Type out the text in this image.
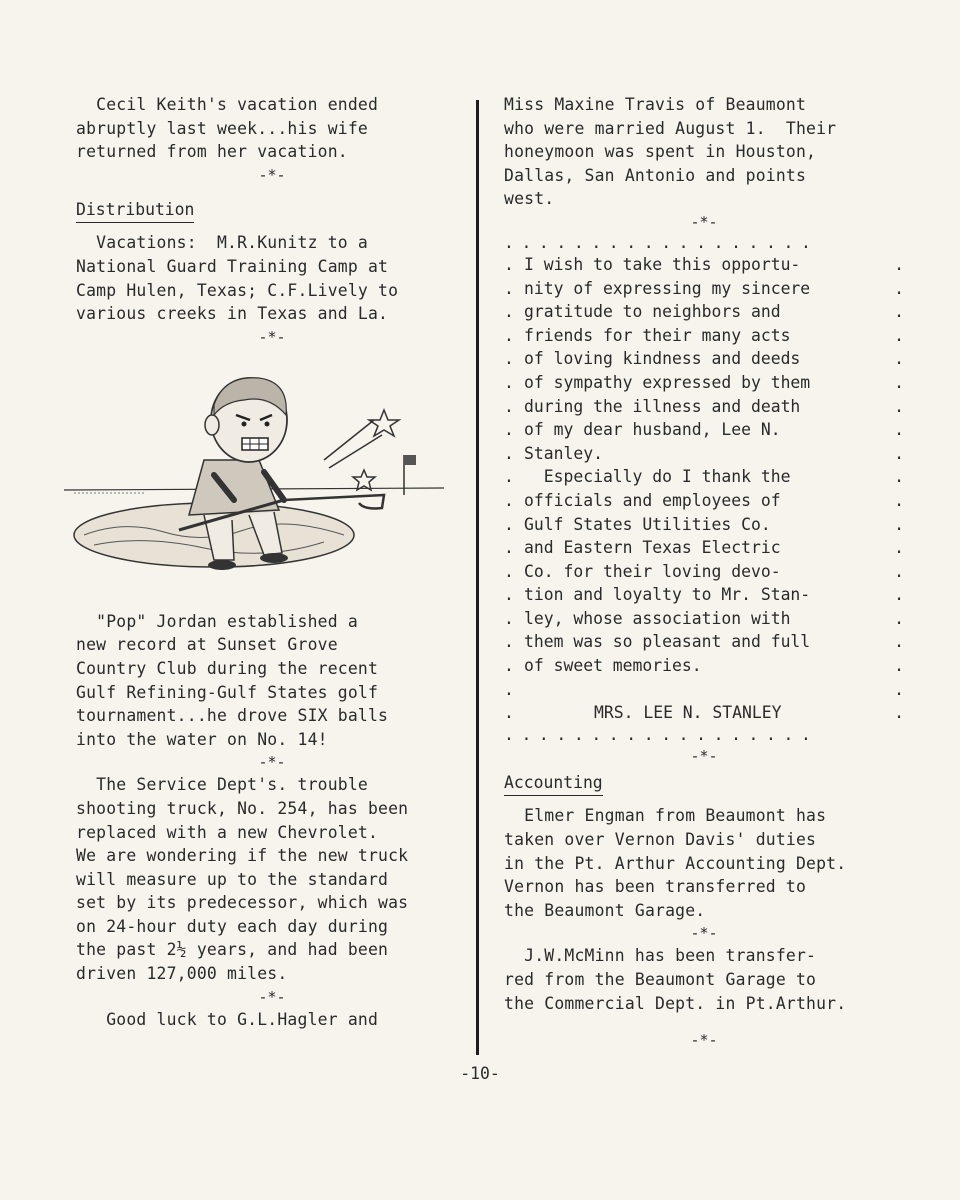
Cecil Keith's vacation ended
abruptly last week...his wife
returned from her vacation.
-*-
Distribution
Vacations:  M.R.Kunitz to a
National Guard Training Camp at
Camp Hulen, Texas; C.F.Lively to
various creeks in Texas and La.
-*-
"Pop" Jordan established a
new record at Sunset Grove
Country Club during the recent
Gulf Refining-Gulf States golf
tournament...he drove SIX balls
into the water on No. 14!
-*-
The Service Dept's. trouble
shooting truck, No. 254, has been
replaced with a new Chevrolet.
We are wondering if the new truck
will measure up to the standard
set by its predecessor, which was
on 24-hour duty each day during
the past 2½ years, and had been
driven 127,000 miles.
-*-
Good luck to G.L.Hagler and
Miss Maxine Travis of Beaumont
who were married August 1.  Their
honeymoon was spent in Houston,
Dallas, San Antonio and points
west.
-*-
..................
. I wish to take this opportu-	.
. nity of expressing my sincere	.
. gratitude to neighbors and	.
. friends for their many acts	.
. of loving kindness and deeds	.
. of sympathy expressed by them	.
. during the illness and death	.
. of my dear husband, Lee N.	.
. Stanley.	.
. Especially do I thank the	.
. officials and employees of	.
. Gulf States Utilities Co.	.
. and Eastern Texas Electric	.
. Co. for their loving devo-	.
. tion and loyalty to Mr. Stan-	.
. ley, whose association with	.
. them was so pleasant and full	.
. of sweet memories.	.
.	.
.	MRS. LEE N. STANLEY	.
..................
-*-
Accounting
Elmer Engman from Beaumont has
taken over Vernon Davis' duties
in the Pt. Arthur Accounting Dept.
Vernon has been transferred to
the Beaumont Garage.
-*-
J.W.McMinn has been transfer-
red from the Beaumont Garage to
the Commercial Dept. in Pt.Arthur.
-*-
-10-
